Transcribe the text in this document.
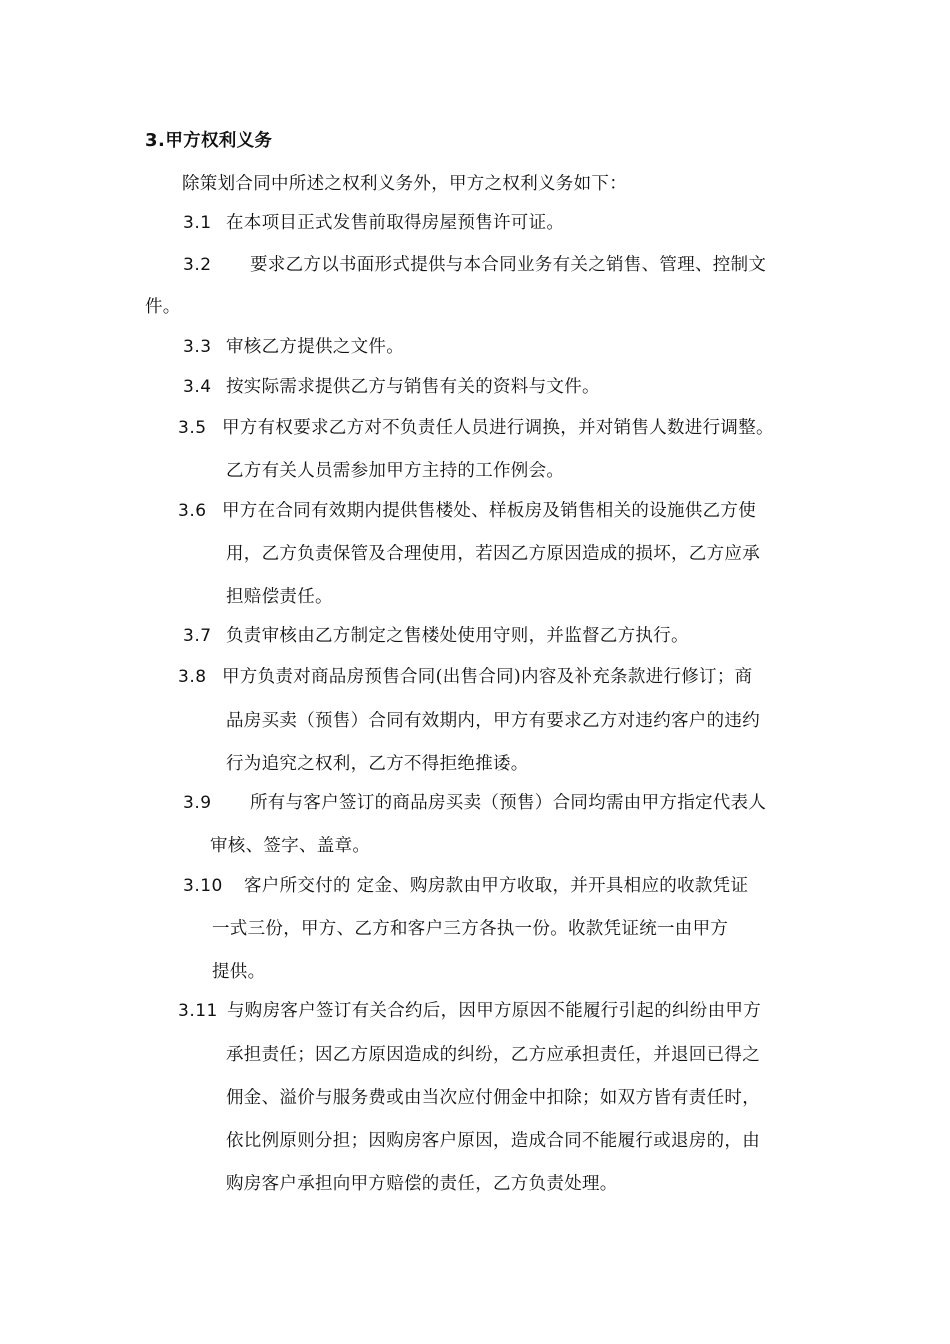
3.甲方权利义务
除策划合同中所述之权利义务外，甲方之权利义务如下：
3.1 在本项目正式发售前取得房屋预售许可证。
3.2 要求乙方以书面形式提供与本合同业务有关之销售、管理、控制文
件。
3.3 审核乙方提供之文件。
3.4 按实际需求提供乙方与销售有关的资料与文件。
3.5 甲方有权要求乙方对不负责任人员进行调换，并对销售人数进行调整。
乙方有关人员需参加甲方主持的工作例会。
3.6 甲方在合同有效期内提供售楼处、样板房及销售相关的设施供乙方使
用，乙方负责保管及合理使用，若因乙方原因造成的损坏，乙方应承
担赔偿责任。
3.7 负责审核由乙方制定之售楼处使用守则，并监督乙方执行。
3.8 甲方负责对商品房预售合同(出售合同)内容及补充条款进行修订；商
品房买卖（预售）合同有效期内，甲方有要求乙方对违约客户的违约
行为追究之权利，乙方不得拒绝推诿。
3.9 所有与客户签订的商品房买卖（预售）合同均需由甲方指定代表人
审核、签字、盖章。
3.10 客户所交付的 定金、购房款由甲方收取，并开具相应的收款凭证
一式三份，甲方、乙方和客户三方各执一份。收款凭证统一由甲方
提供。
3.11 与购房客户签订有关合约后，因甲方原因不能履行引起的纠纷由甲方
承担责任；因乙方原因造成的纠纷，乙方应承担责任，并退回已得之
佣金、溢价与服务费或由当次应付佣金中扣除；如双方皆有责任时，
依比例原则分担；因购房客户原因，造成合同不能履行或退房的，由
购房客户承担向甲方赔偿的责任，乙方负责处理。
